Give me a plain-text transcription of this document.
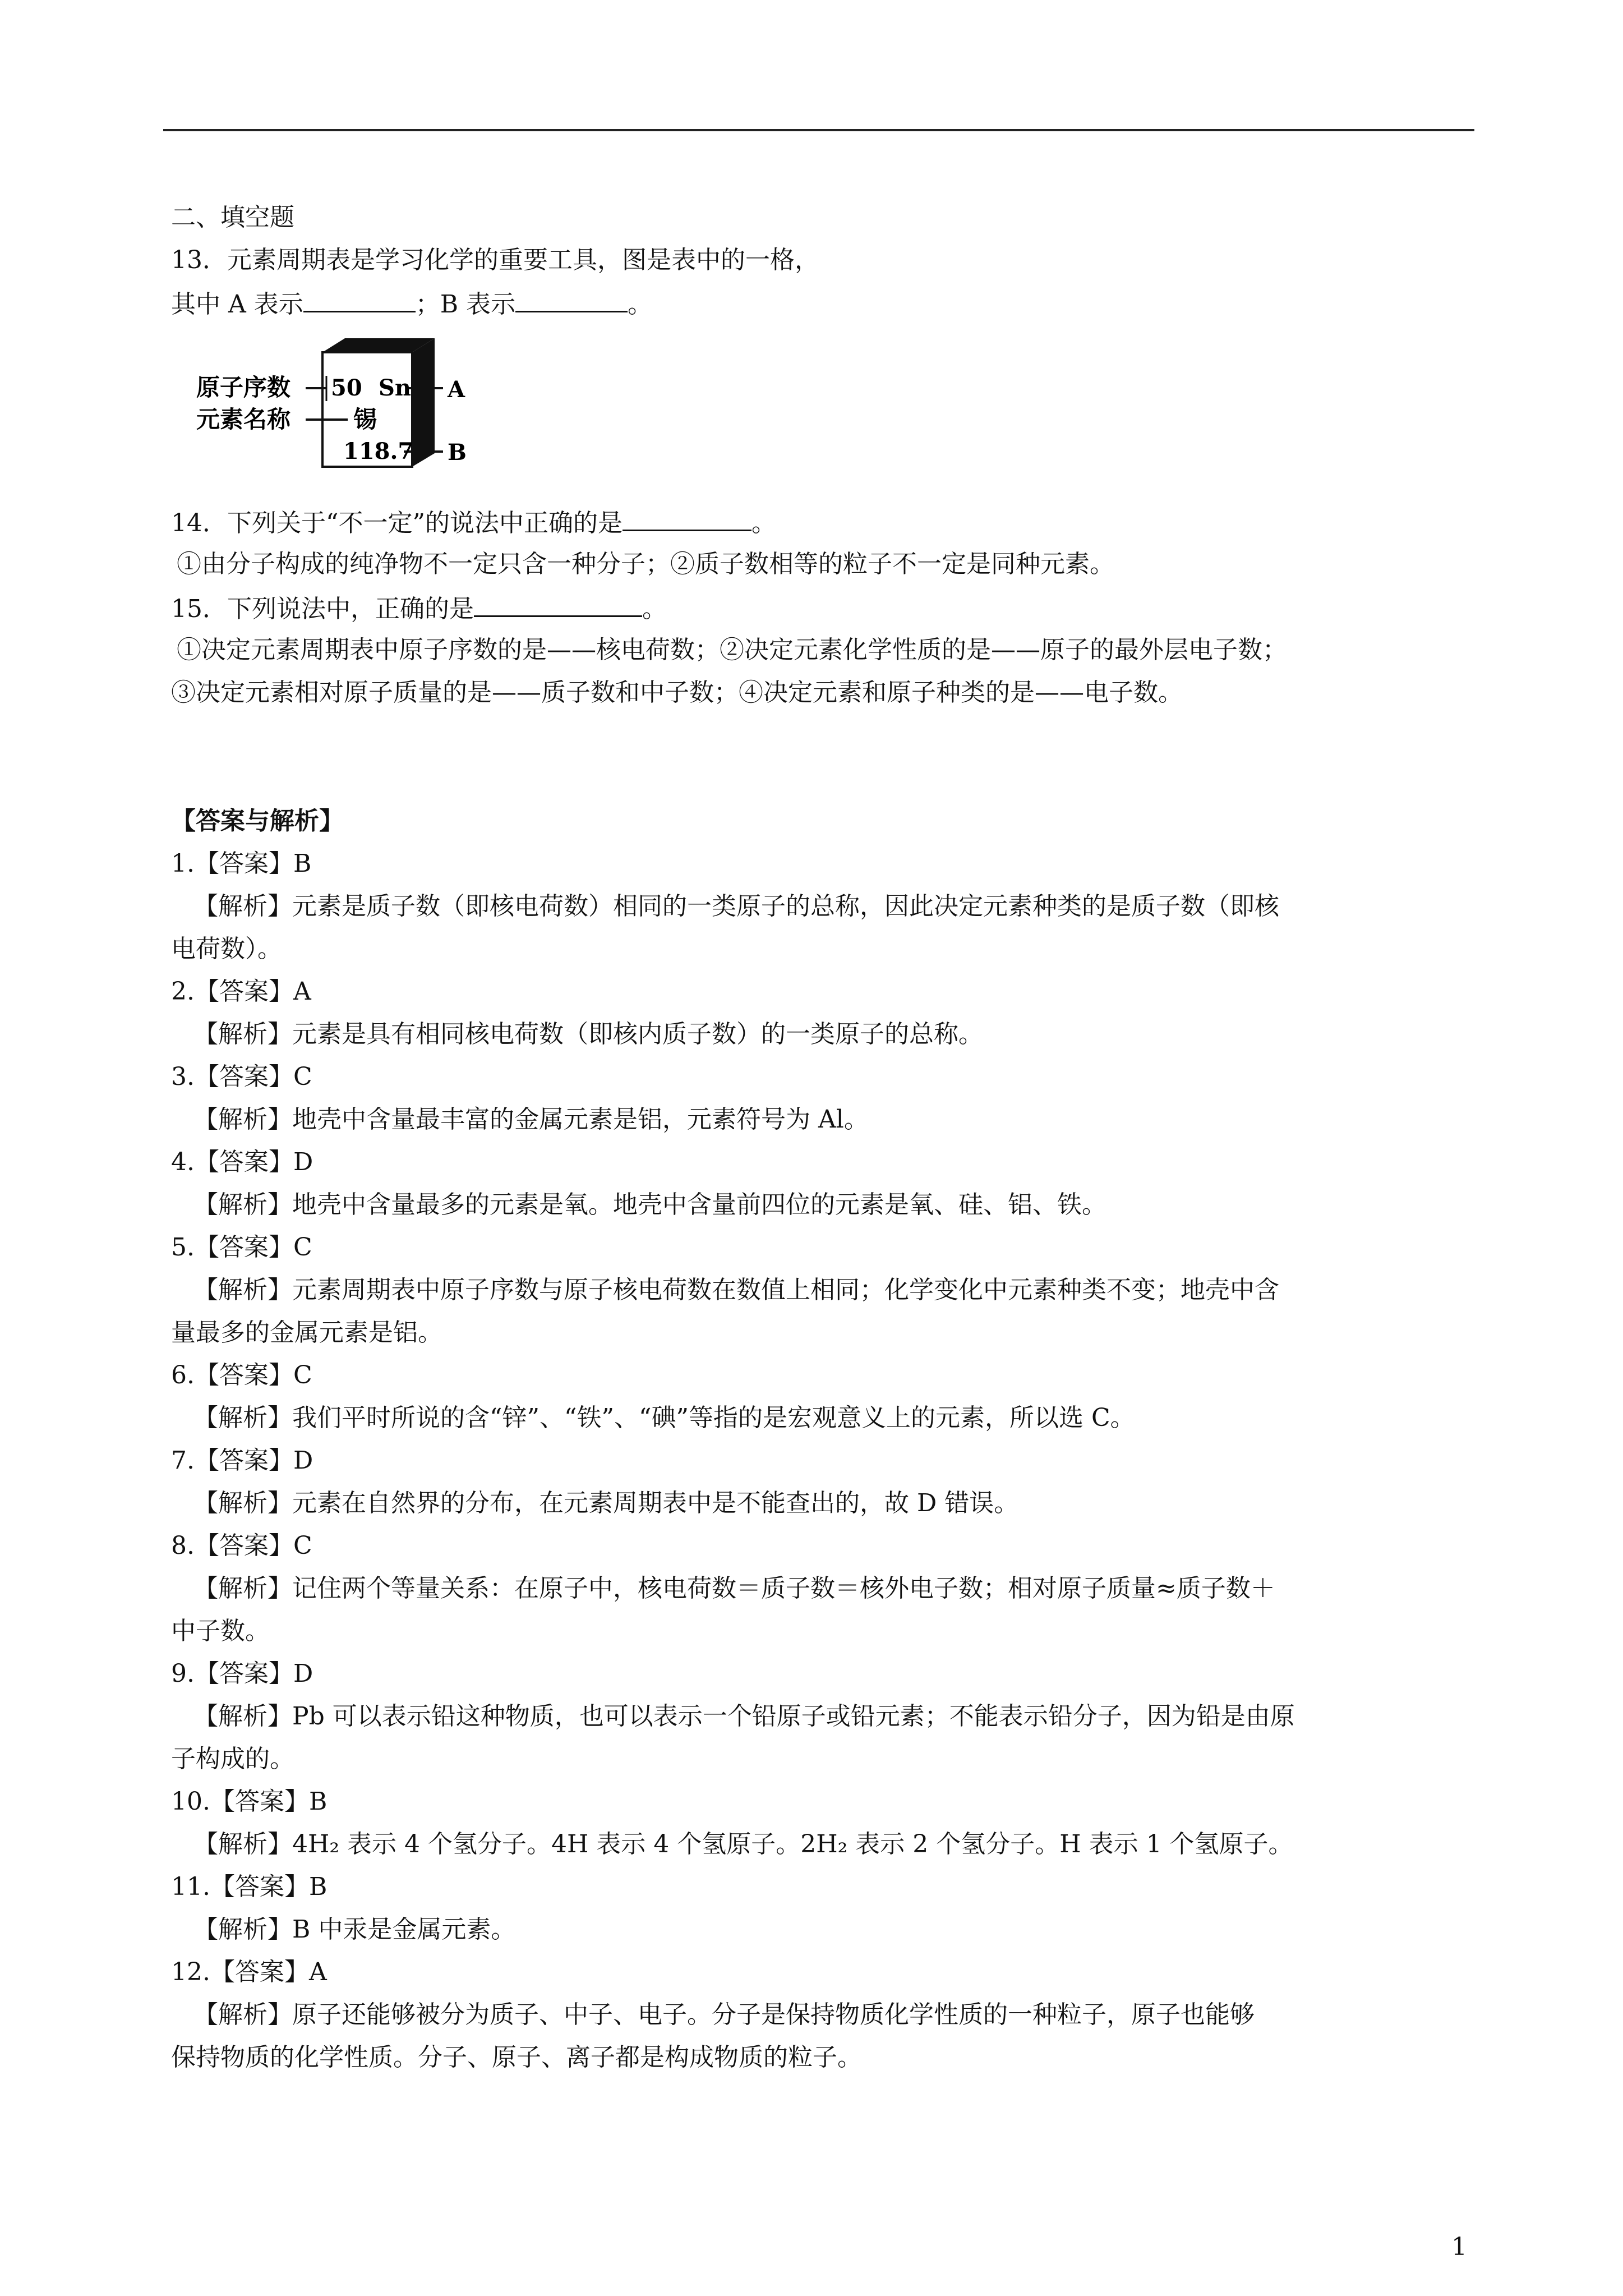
二、填空题
13．元素周期表是学习化学的重要工具，图是表中的一格，
其中 A 表示	；B 表示	。
原子序数
元素名称
50 Sn
锡
118.7
A
B
14．下列关于“不一定”的说法中正确的是	。
①由分子构成的纯净物不一定只含一种分子；②质子数相等的粒子不一定是同种元素。
15．下列说法中，正确的是	。
①决定元素周期表中原子序数的是——核电荷数；②决定元素化学性质的是——原子的最外层电子数；
③决定元素相对原子质量的是——质子数和中子数；④决定元素和原子种类的是——电子数。
【答案与解析】
1.【答案】B
【解析】元素是质子数（即核电荷数）相同的一类原子的总称，因此决定元素种类的是质子数（即核
电荷数）。
2.【答案】A
【解析】元素是具有相同核电荷数（即核内质子数）的一类原子的总称。
3.【答案】C
【解析】地壳中含量最丰富的金属元素是铝，元素符号为 Al。
4.【答案】D
【解析】地壳中含量最多的元素是氧。地壳中含量前四位的元素是氧、硅、铝、铁。
5.【答案】C
【解析】元素周期表中原子序数与原子核电荷数在数值上相同；化学变化中元素种类不变；地壳中含
量最多的金属元素是铝。
6.【答案】C
【解析】我们平时所说的含“锌”、“铁”、“碘”等指的是宏观意义上的元素，所以选 C。
7.【答案】D
【解析】元素在自然界的分布，在元素周期表中是不能查出的，故 D 错误。
8.【答案】C
【解析】记住两个等量关系：在原子中，核电荷数＝质子数＝核外电子数；相对原子质量≈质子数＋
中子数。
9.【答案】D
【解析】Pb 可以表示铅这种物质，也可以表示一个铅原子或铅元素；不能表示铅分子，因为铅是由原
子构成的。
10.【答案】B
【解析】4H₂ 表示 4 个氢分子。4H 表示 4 个氢原子。2H₂ 表示 2 个氢分子。H 表示 1 个氢原子。
11.【答案】B
【解析】B 中汞是金属元素。
12.【答案】A
【解析】原子还能够被分为质子、中子、电子。分子是保持物质化学性质的一种粒子，原子也能够
保持物质的化学性质。分子、原子、离子都是构成物质的粒子。
1
